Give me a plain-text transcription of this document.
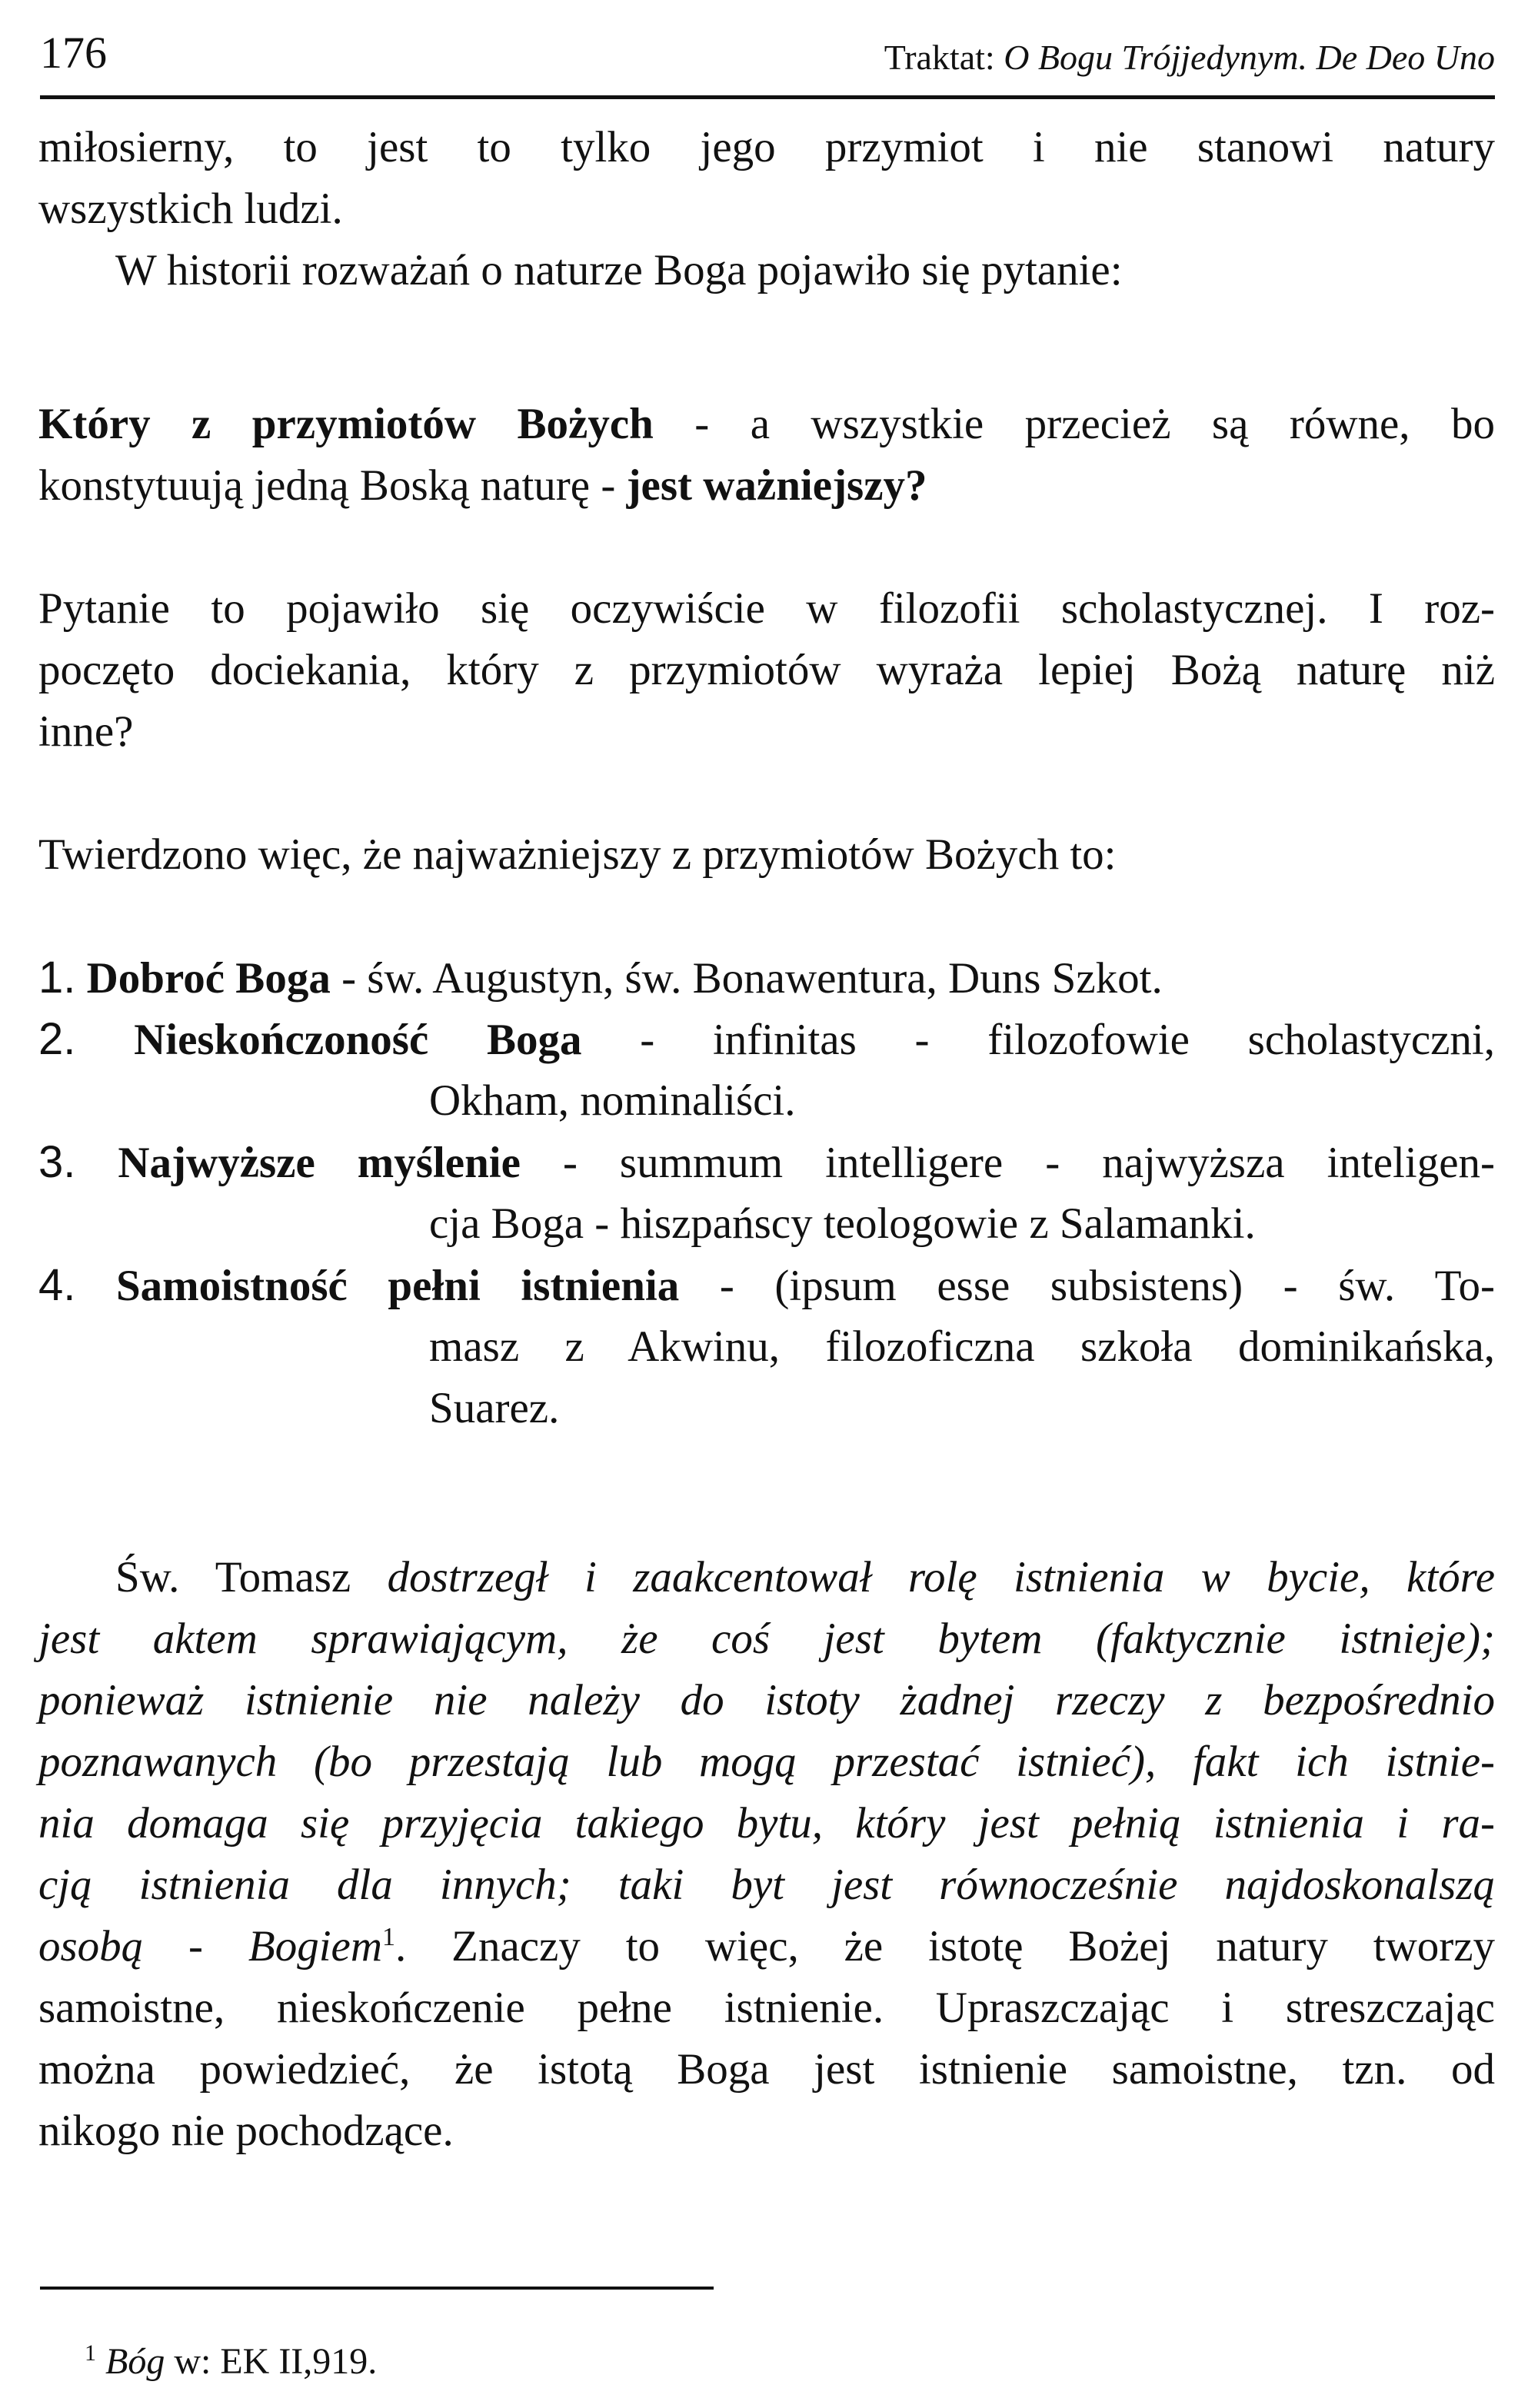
176	Traktat: O Bogu Trójjedynym. De Deo Uno
miłosierny, to jest to tylko jego przymiot i nie stanowi natury
wszystkich ludzi.
W historii rozważań o naturze Boga pojawiło się pytanie:
Który z przymiotów Bożych - a wszystkie przecież są równe, bo
konstytuują jedną Boską naturę - jest ważniejszy?
Pytanie to pojawiło się oczywiście w filozofii scholastycznej. I roz-
poczęto dociekania, który z przymiotów wyraża lepiej Bożą naturę niż
inne?
Twierdzono więc, że najważniejszy z przymiotów Bożych to:
1. Dobroć Boga - św. Augustyn, św. Bonawentura, Duns Szkot.
2. Nieskończoność Boga - infinitas - filozofowie scholastyczni,
Okham, nominaliści.
3. Najwyższe myślenie - summum intelligere - najwyższa inteligen-
cja Boga - hiszpańscy teologowie z Salamanki.
4. Samoistność pełni istnienia - (ipsum esse subsistens) - św. To-
masz z Akwinu, filozoficzna szkoła dominikańska,
Suarez.
Św. Tomasz dostrzegł i zaakcentował rolę istnienia w bycie, które
jest aktem sprawiającym, że coś jest bytem (faktycznie istnieje);
ponieważ istnienie nie należy do istoty żadnej rzeczy z bezpośrednio
poznawanych (bo przestają lub mogą przestać istnieć), fakt ich istnie-
nia domaga się przyjęcia takiego bytu, który jest pełnią istnienia i ra-
cją istnienia dla innych; taki byt jest równocześnie najdoskonalszą
osobą - Bogiem$^1$. Znaczy to więc, że istotę Bożej natury tworzy
samoistne, nieskończenie pełne istnienie. Upraszczając i streszczając
można powiedzieć, że istotą Boga jest istnienie samoistne, tzn. od
nikogo nie pochodzące.
$^1$ Bóg w: EK II,919.
